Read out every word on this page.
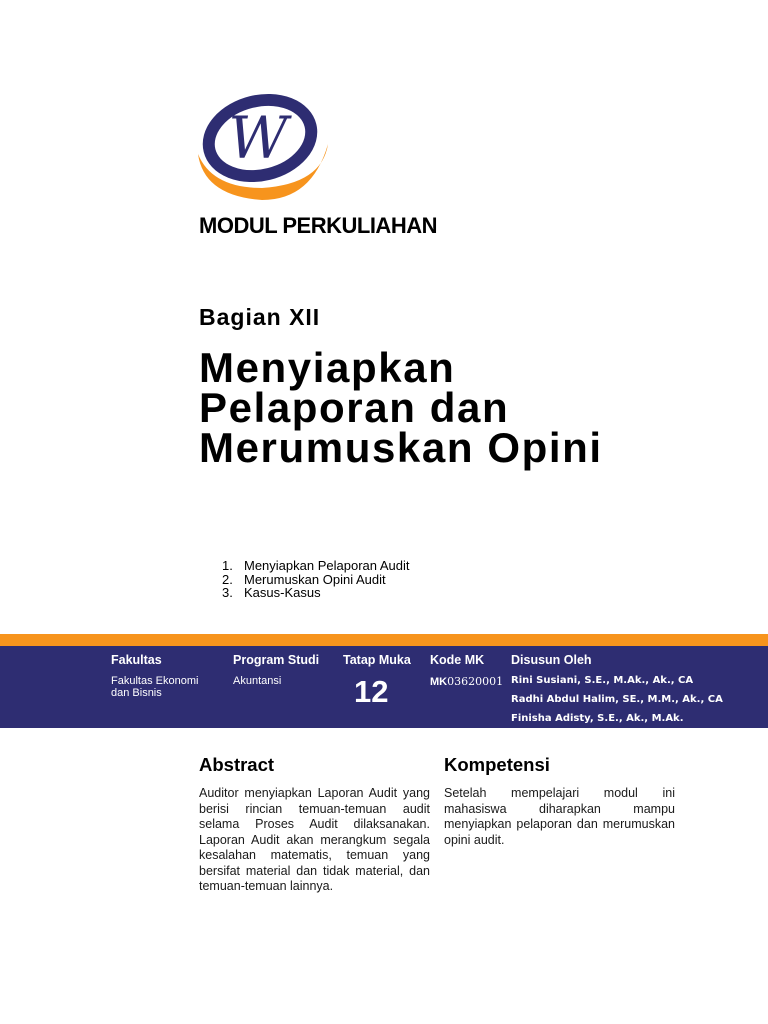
W
MODUL PERKULIAHAN
Bagian XII
Menyiapkan
Pelaporan dan
Merumuskan Opini
1. Menyiapkan Pelaporan Audit
2. Merumuskan Opini Audit
3. Kasus-Kasus
Fakultas	Program Studi Tatap Muka Kode MK Disusun Oleh
Fakultas Ekonomi
dan Bisnis
Akuntansi 12	MK03620001 Rini Susiani, S.E., M.Ak., Ak., CA
Radhi Abdul Halim, SE., M.M., Ak., CA
Finisha Adisty, S.E., Ak., M.Ak.
Abstract
Auditor menyiapkan Laporan Audit yang berisi rincian temuan-temuan audit selama Proses Audit dilaksanakan. Laporan Audit akan merangkum segala kesalahan matematis, temuan yang bersifat material dan tidak material, dan temuan-temuan lainnya.
Kompetensi
Setelah mempelajari modul ini mahasiswa diharapkan mampu menyiapkan pelaporan dan merumuskan opini audit.
